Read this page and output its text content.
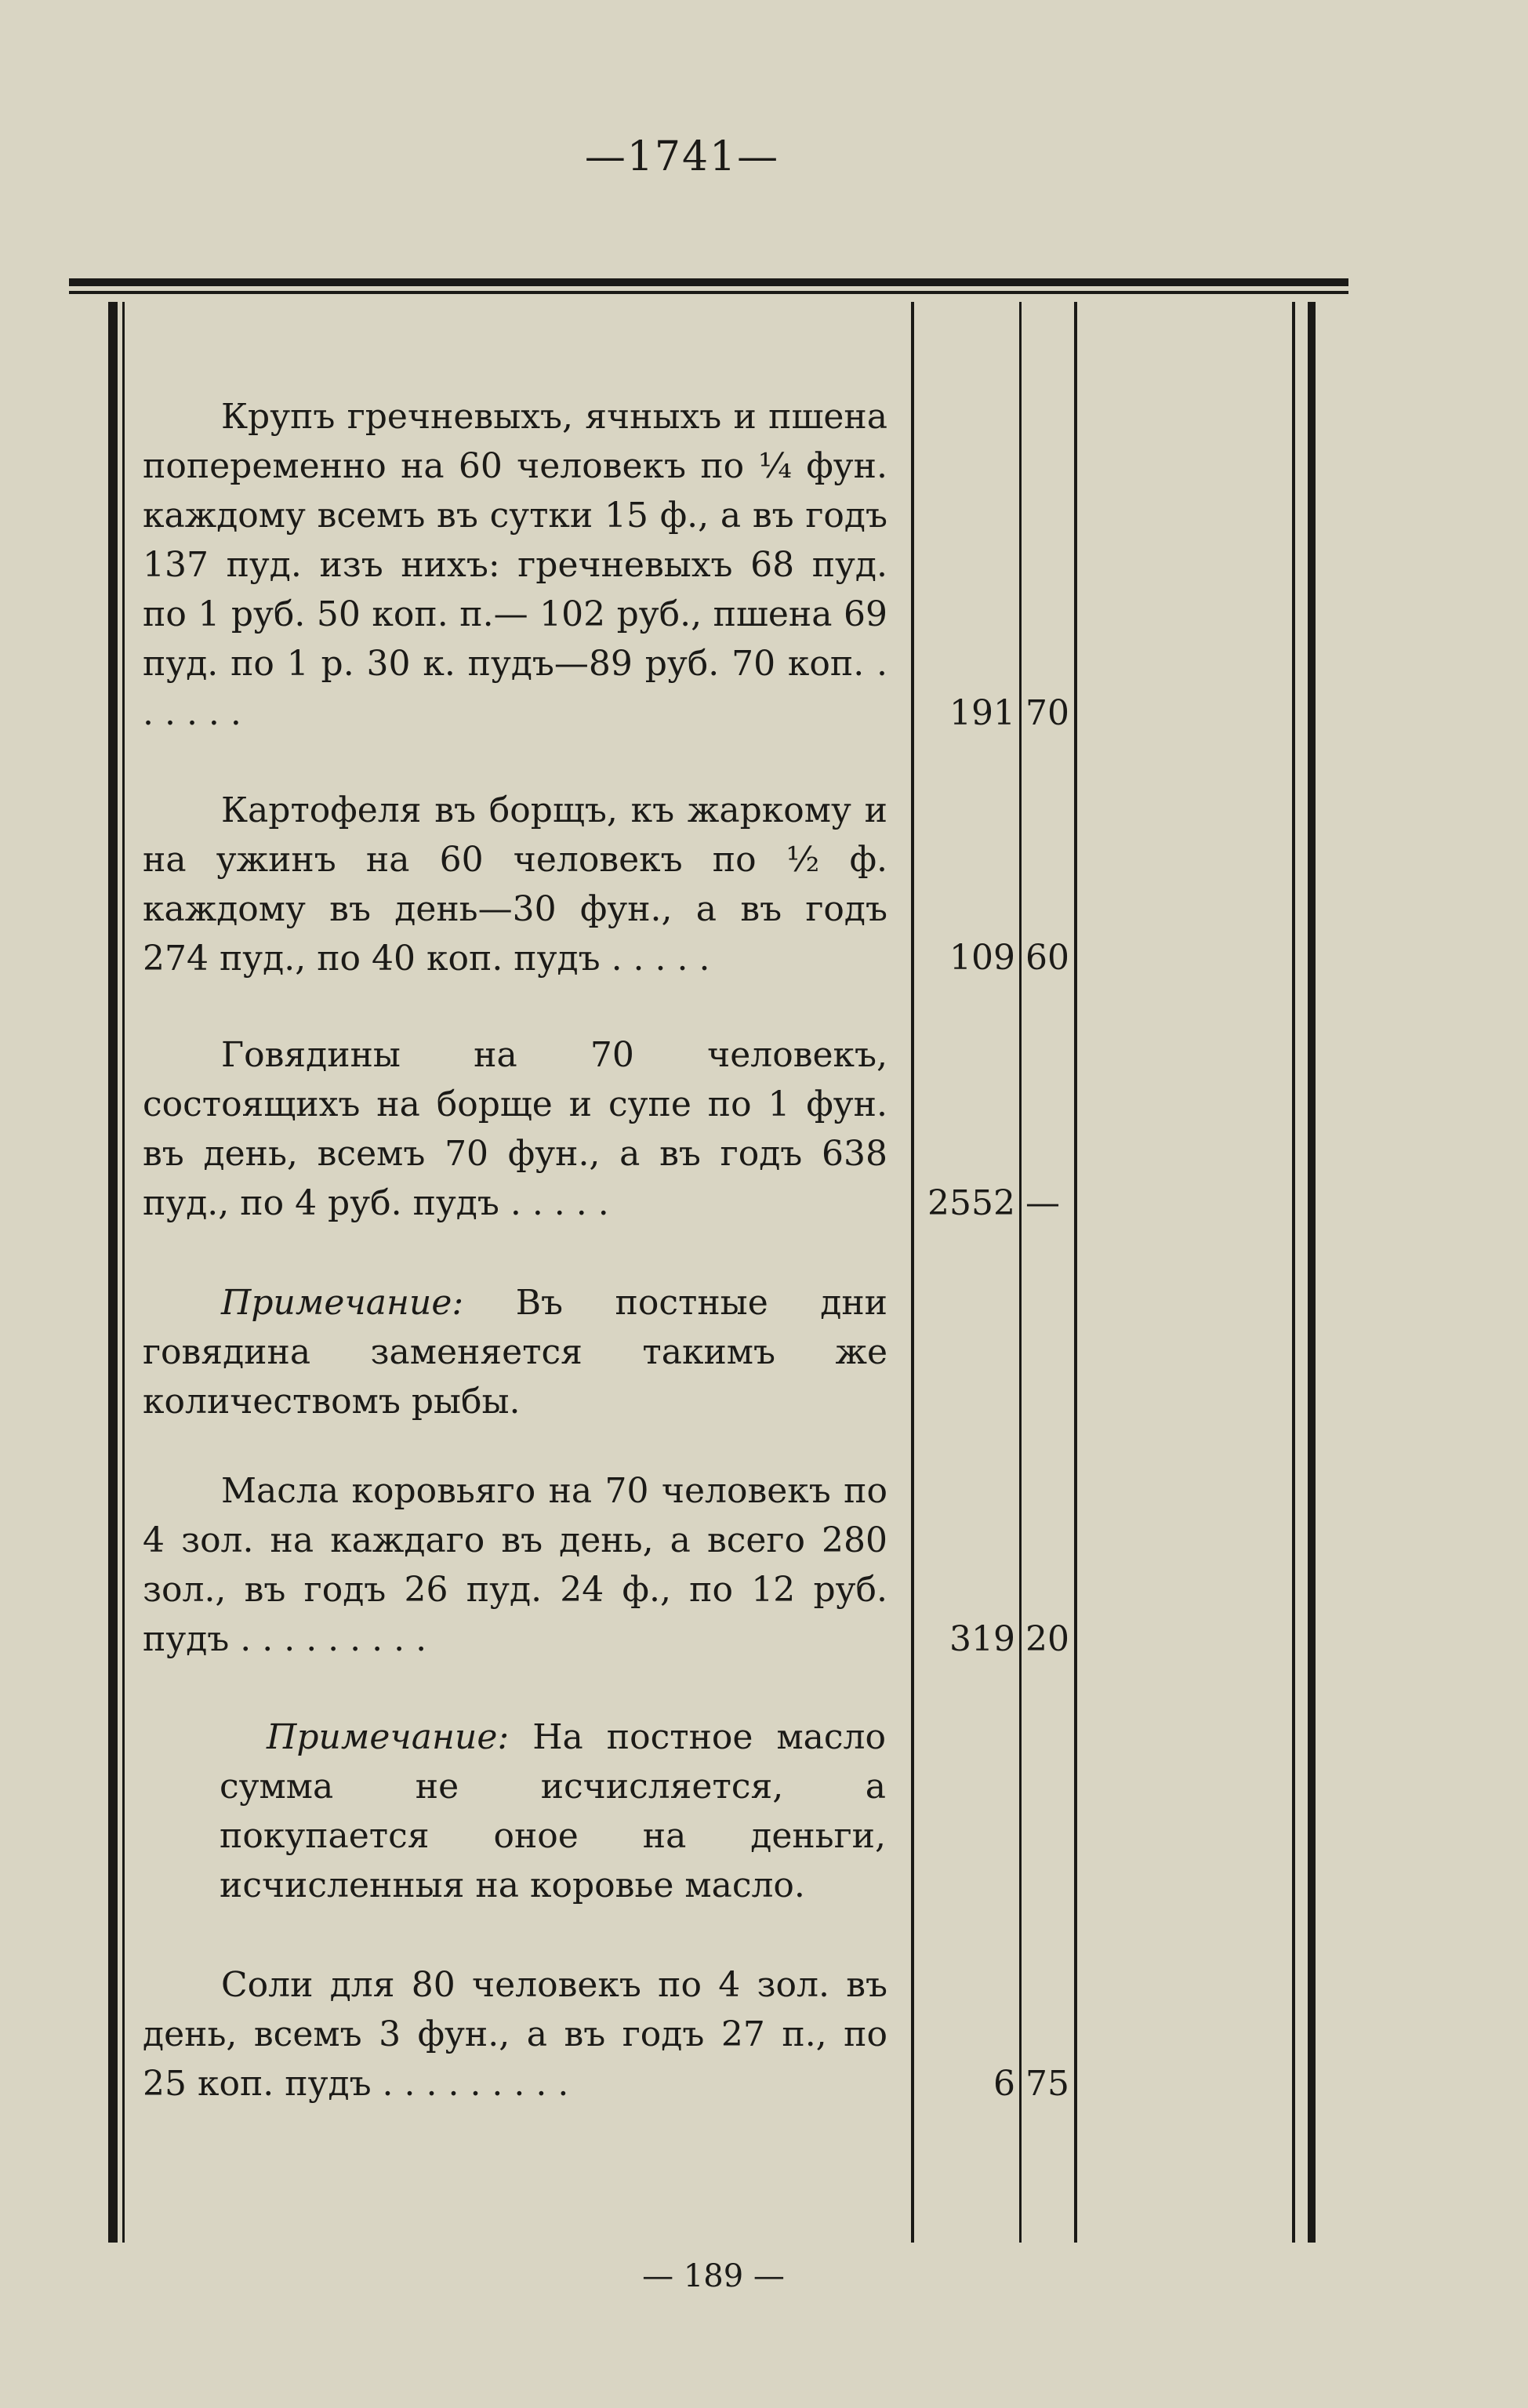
—1741—

Крупъ гречневыхъ, ячныхъ и пшена попеременно на 60 человекъ по ¼ фун. каждому всемъ въ сутки 15 ф., а въ годъ 137 пуд. изъ нихъ: гречневыхъ 68 пуд. по 1 руб. 50 коп. п.— 102 руб., пшена 69 пуд. по 1 р. 30 к. пудъ—89 руб. 70 коп. . . . . . .	191 70

Картофеля въ борщъ, къ жаркому и на ужинъ на 60 человекъ по ½ ф. каждому въ день—30 фун., а въ годъ 274 пуд., по 40 коп. пудъ . . . . .	109 60

Говядины на 70 человекъ, состоящихъ на борще и супе по 1 фун. въ день, всемъ 70 фун., а въ годъ 638 пуд., по 4 руб. пудъ . . . . .	2552 —

Примечание: Въ постные дни говядина заменяется такимъ же количествомъ рыбы.

Масла коровьяго на 70 человекъ по 4 зол. на каждаго въ день, а всего 280 зол., въ годъ 26 пуд. 24 ф., по 12 руб. пудъ . . . . . . . . .	319 20

Примечание: На постное масло сумма не исчисляется, а покупается оное на деньги, исчисленныя на коровье масло.

Соли для 80 человекъ по 4 зол. въ день, всемъ 3 фун., а въ годъ 27 п., по 25 коп. пудъ . . . . . . . . .	6 75
— 189 —
